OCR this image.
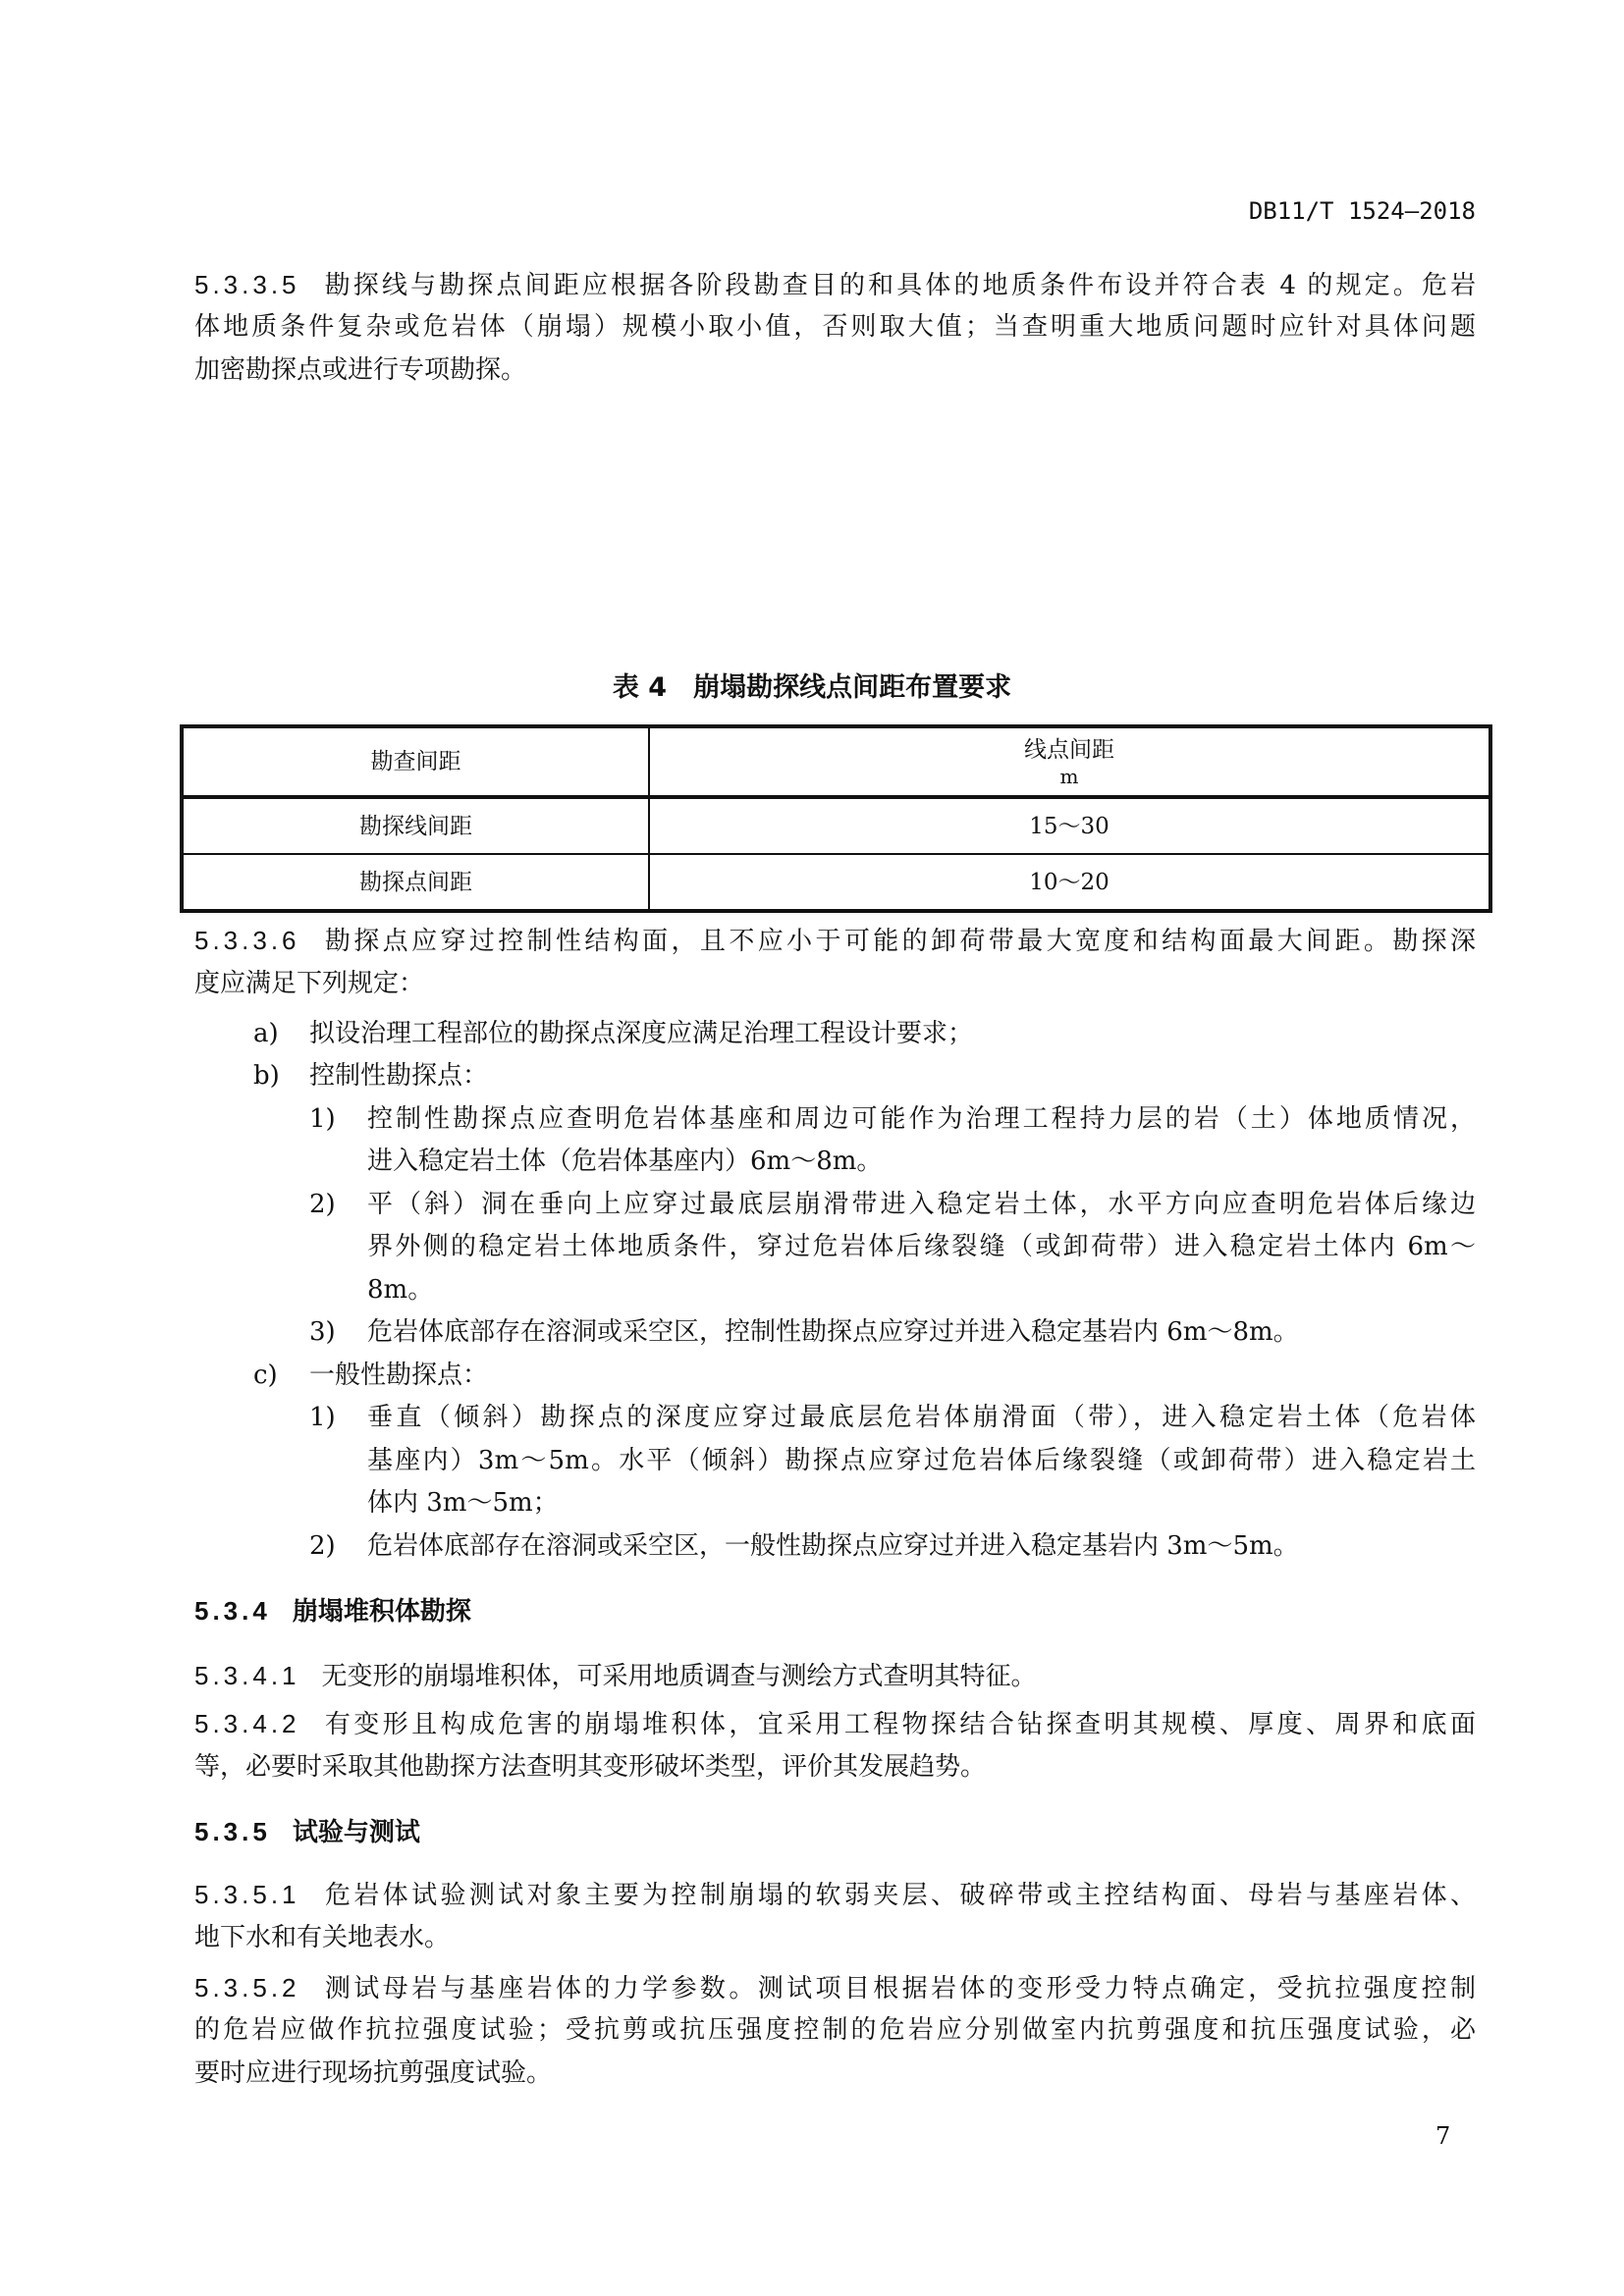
DB11/T 1524—2018
5.3.3.5 勘探线与勘探点间距应根据各阶段勘查目的和具体的地质条件布设并符合表 4 的规定。危岩
体地质条件复杂或危岩体（崩塌）规模小取小值，否则取大值；当查明重大地质问题时应针对具体问题
加密勘探点或进行专项勘探。
表 4　崩塌勘探线点间距布置要求
勘查间距	线点间距
m

勘探线间距	15～30
勘探点间距	10～20
5.3.3.6 勘探点应穿过控制性结构面，且不应小于可能的卸荷带最大宽度和结构面最大间距。勘探深
度应满足下列规定：
a) 拟设治理工程部位的勘探点深度应满足治理工程设计要求；
b) 控制性勘探点：
1) 控制性勘探点应查明危岩体基座和周边可能作为治理工程持力层的岩（土）体地质情况，
进入稳定岩土体（危岩体基座内）6m～8m。
2) 平（斜）洞在垂向上应穿过最底层崩滑带进入稳定岩土体，水平方向应查明危岩体后缘边
界外侧的稳定岩土体地质条件，穿过危岩体后缘裂缝（或卸荷带）进入稳定岩土体内 6m～
8m。
3) 危岩体底部存在溶洞或采空区，控制性勘探点应穿过并进入稳定基岩内 6m～8m。
c) 一般性勘探点：
1) 垂直（倾斜）勘探点的深度应穿过最底层危岩体崩滑面（带），进入稳定岩土体（危岩体
基座内）3m～5m。水平（倾斜）勘探点应穿过危岩体后缘裂缝（或卸荷带）进入稳定岩土
体内 3m～5m；
2) 危岩体底部存在溶洞或采空区，一般性勘探点应穿过并进入稳定基岩内 3m～5m。
5.3.4 崩塌堆积体勘探
5.3.4.1 无变形的崩塌堆积体，可采用地质调查与测绘方式查明其特征。
5.3.4.2 有变形且构成危害的崩塌堆积体，宜采用工程物探结合钻探查明其规模、厚度、周界和底面
等，必要时采取其他勘探方法查明其变形破坏类型，评价其发展趋势。
5.3.5 试验与测试
5.3.5.1 危岩体试验测试对象主要为控制崩塌的软弱夹层、破碎带或主控结构面、母岩与基座岩体、
地下水和有关地表水。
5.3.5.2 测试母岩与基座岩体的力学参数。测试项目根据岩体的变形受力特点确定，受抗拉强度控制
的危岩应做作抗拉强度试验；受抗剪或抗压强度控制的危岩应分别做室内抗剪强度和抗压强度试验，必
要时应进行现场抗剪强度试验。
7
